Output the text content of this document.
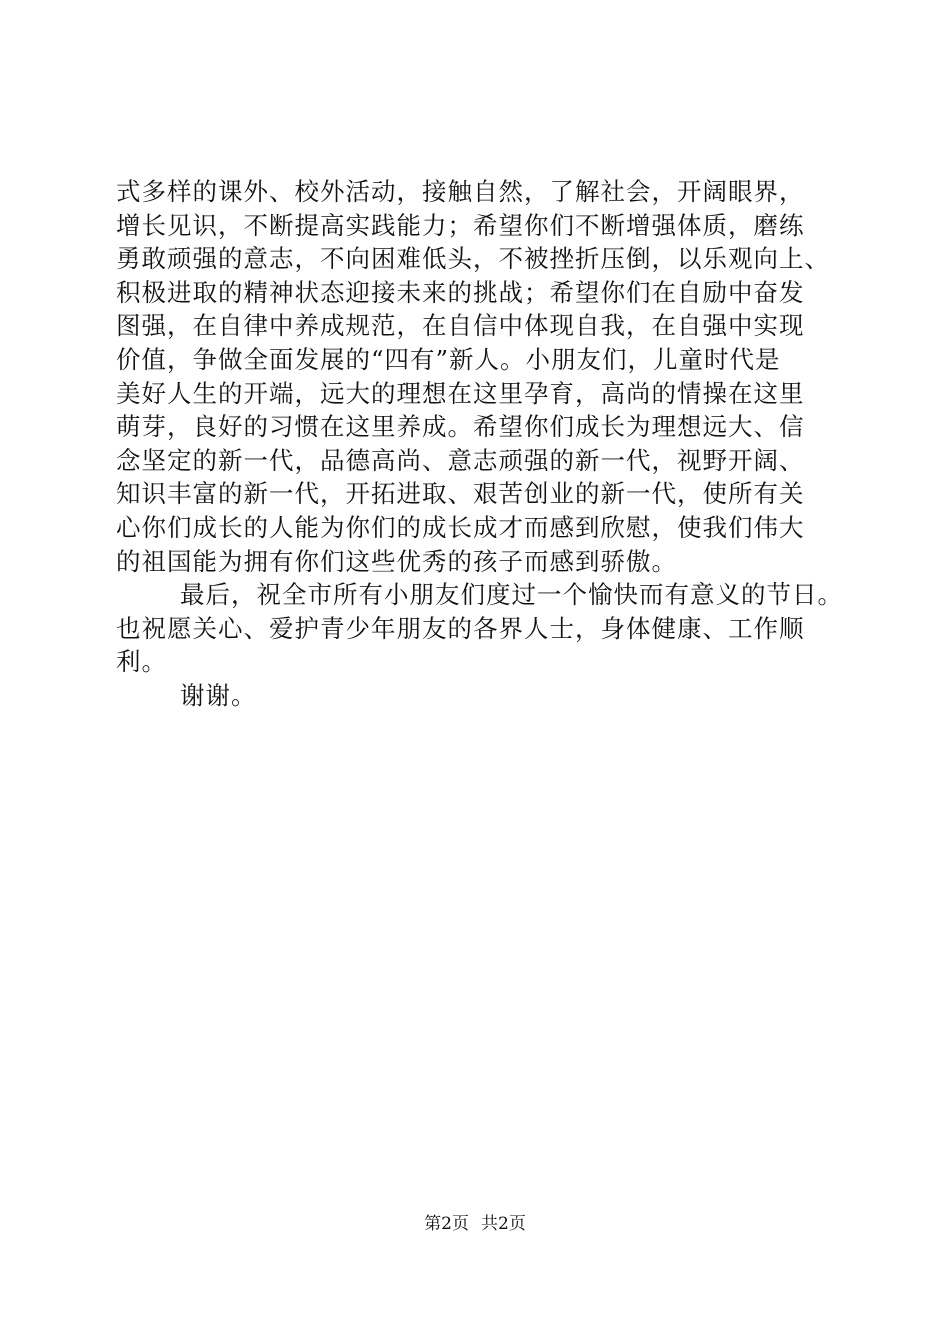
式多样的课外、校外活动，接触自然，了解社会，开阔眼界，
增长见识，不断提高实践能力；希望你们不断增强体质，磨练
勇敢顽强的意志，不向困难低头，不被挫折压倒，以乐观向上、
积极进取的精神状态迎接未来的挑战；希望你们在自励中奋发
图强，在自律中养成规范，在自信中体现自我，在自强中实现
价值，争做全面发展的“四有”新人。小朋友们，儿童时代是
美好人生的开端，远大的理想在这里孕育，高尚的情操在这里
萌芽，良好的习惯在这里养成。希望你们成长为理想远大、信
念坚定的新一代，品德高尚、意志顽强的新一代，视野开阔、
知识丰富的新一代，开拓进取、艰苦创业的新一代，使所有关
心你们成长的人能为你们的成长成才而感到欣慰，使我们伟大
的祖国能为拥有你们这些优秀的孩子而感到骄傲。
最后，祝全市所有小朋友们度过一个愉快而有意义的节日。
也祝愿关心、爱护青少年朋友的各界人士，身体健康、工作顺
利。
谢谢。
第2页 共2页
